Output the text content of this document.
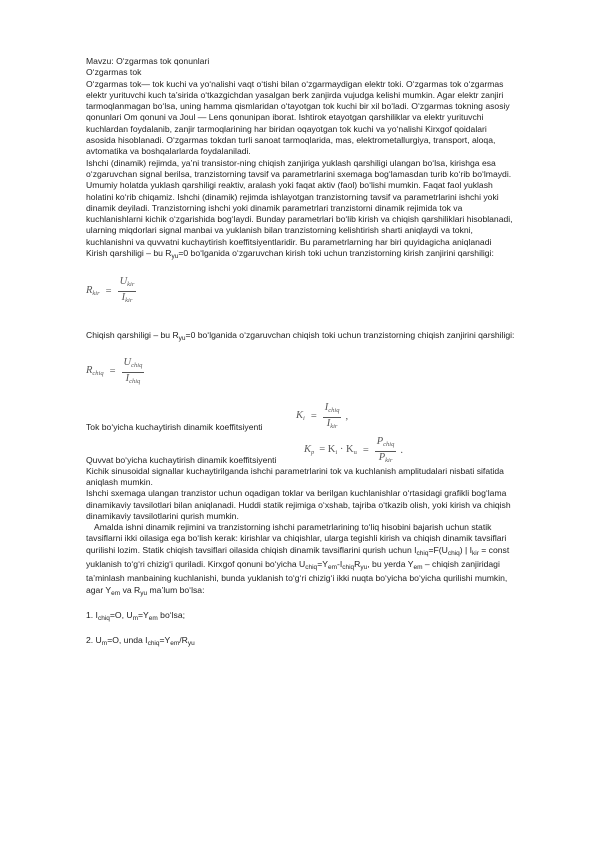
Mavzu: O‘zgarmas tok qonunlari

O‘zgarmas tok

O‘zgarmas tok— tok kuchi va yo‘nalishi vaqt o‘tishi bilan o‘zgarmaydigan elektr toki. O‘zgarmas tok o‘zgarmas elektr yurituvchi kuch ta’sirida o‘tkazgichdan yasalgan berk zanjirda vujudga kelishi mumkin. Agar elektr zanjiri tarmoqlanmagan bo‘lsa, uning hamma qismlaridan o‘tayotgan tok kuchi bir xil bo‘ladi. O‘zgarmas tokning asosiy qonunlari Om qonuni va Joul — Lens qonunipan iborat. Ishtirok etayotgan qarshiliklar va elektr yurituvchi kuchlardan foydalanib, zanjir tarmoqlarining har biridan oqayotgan tok kuchi va yo‘nalishi Kirxgof qoidalari asosida hisoblanadi. O‘zgarmas tokdan turli sanoat tarmoqlarida, mas, elektrometallurgiya, transport, aloqa, avtomatika va boshqalarlarda foydalaniladi.

Ishchi (dinamik) rejimda, ya’ni transistor-ning chiqish zanjiriga yuklash qarshiligi ulangan bo‘lsa, kirishga esa o‘zgaruvchan signal berilsa, tranzistorning tavsif va parametrlarini sxemaga bog‘lamasdan turib ko‘rib bo‘lmaydi. Umumiy holatda yuklash qarshiligi reaktiv, aralash yoki faqat aktiv (faol) bo‘lishi mumkin. Faqat faol yuklash holatini ko‘rib chiqamiz. Ishchi (dinamik) rejimda ishlayotgan tranzistorning tavsif va parametrlarini ishchi yoki dinamik deyiladi. Tranzistorning ishchi yoki dinamik parametrlari tranzistorni dinamik rejimida tok va kuchlanishlarni kichik o‘zgarishida bog‘laydi. Bunday parametrlari bo‘lib kirish va chiqish qarshiliklari hisoblanadi, ularning miqdorlari signal manbai va yuklanish bilan tranzistorning kelishtirish sharti aniqlaydi va tokni, kuchlanishni va quvvatni kuchaytirish koeffitsiyentlaridir. Bu parametrlarning har biri quyidagicha aniqlanadi

Kirish qarshiligi – bu $R_{yu}=0$ bo‘lganida o‘zgaruvchan kirish toki uchun tranzistorning kirish zanjirini qarshiligi:

$R_{kir} = \frac{U_{kir}}{I_{kir}}$

Chiqish qarshiligi – bu $R_{yu}=0$ bo‘lganida o‘zgaruvchan chiqish toki uchun tranzistorning chiqish zanjirini qarshiligi:

$R_{chiq} = \frac{U_{chiq}}{I_{chiq}}$
Tok bo‘yicha kuchaytirish dinamik koeffitsiyenti
$K_i = \frac{I_{chiq}}{I_{kir}}$ ,
Quvvat bo‘yicha kuchaytirish dinamik koeffitsiyenti
$K_p = K_i \cdot K_u = \frac{P_{chiq}}{P_{kir}}$ .

Kichik sinusoidal signallar kuchaytirilganda ishchi parametrlarini tok va kuchlanish amplitudalari nisbati sifatida aniqlash mumkin.

Ishchi sxemaga ulangan tranzistor uchun oqadigan toklar va berilgan kuchlanishlar o‘rtasidagi grafikli bog‘lama dinamikaviy tavsilotlari bilan aniqlanadi. Huddi statik rejimiga o‘xshab, tajriba o‘tkazib olish, yoki kirish va chiqish dinamikaviy tavsilotlarini qurish mumkin.

Amalda ishni dinamik rejimini va tranzistorning ishchi parametrlarining to‘liq hisobini bajarish uchun statik tavsiflarni ikki oilasiga ega bo‘lish kerak: kirishlar va chiqishlar, ularga tegishli kirish va chiqish dinamik tavsiflari qurilishi lozim. Statik chiqish tavsiflari oilasida chiqish dinamik tavsiflarini qurish uchun $I_{chiq}=F(U_{chiq})$ | $I_{kir}$ = const yuklanish to‘g‘ri chizig‘i quriladi. Kirxgof qonuni bo‘yicha $U_{chiq}=Y_{em}-I_{chiq}R_{yu}$, bu yerda $Y_{em}$ – chiqish zanjiridagi ta’minlash manbaining kuchlanishi, bunda yuklanish to‘g‘ri chizig‘i ikki nuqta bo‘yicha bo‘yicha qurilishi mumkin, agar $Y_{em}$ va $R_{yu}$ ma’lum bo‘lsa:

1. $I_{chiq}=O$, $U_m=Y_{em}$ bo‘lsa;

2. $U_m=O$, unda $I_{chiq}=Y_{em}/R_{yu}$
